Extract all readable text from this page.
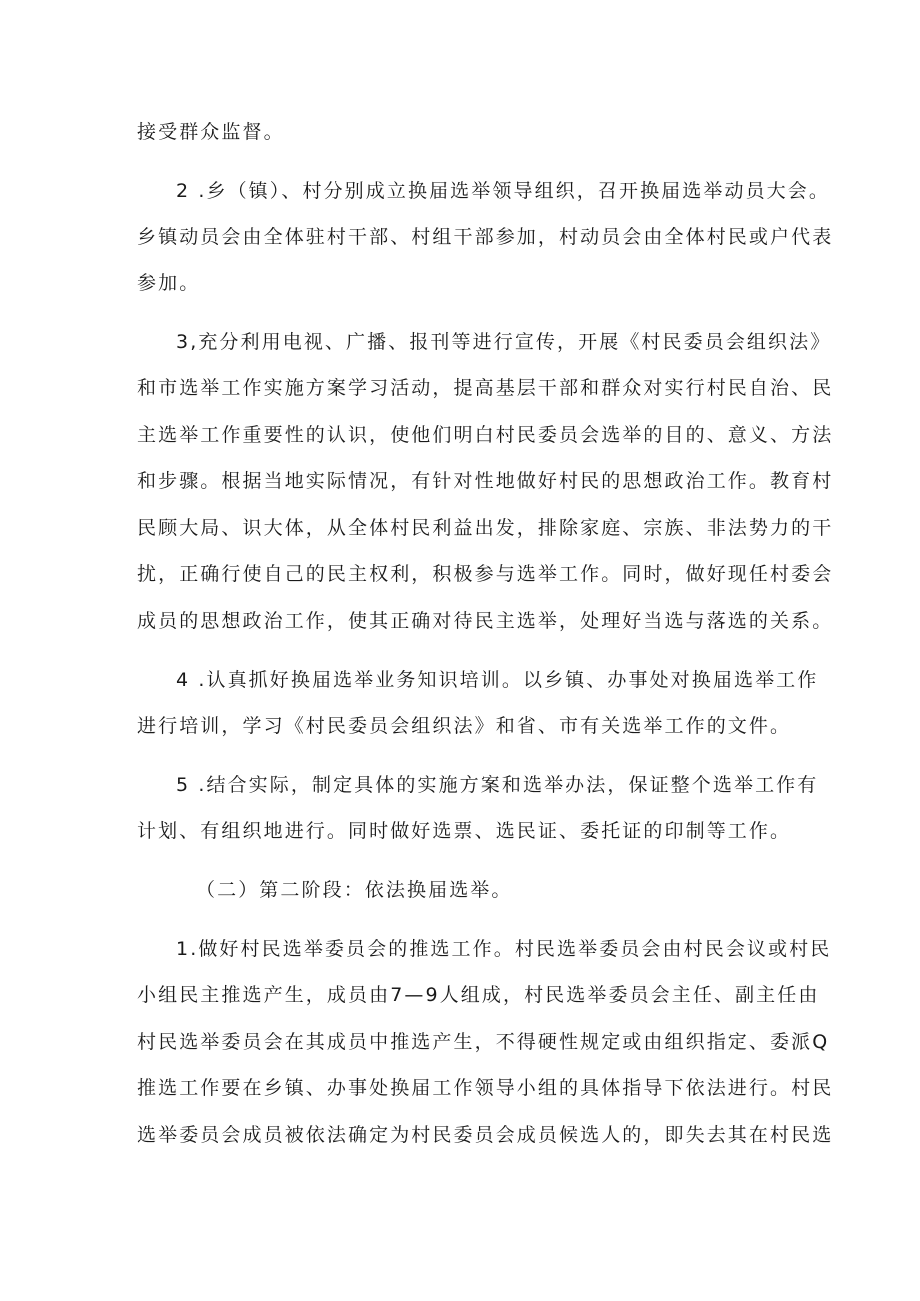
接受群众监督。
2 .乡（镇）、村分别成立换届选举领导组织，召开换届选举动员大会。
乡镇动员会由全体驻村干部、村组干部参加，村动员会由全体村民或户代表
参加。
3,充分利用电视、广播、报刊等进行宣传，开展《村民委员会组织法》
和市选举工作实施方案学习活动，提高基层干部和群众对实行村民自治、民
主选举工作重要性的认识，使他们明白村民委员会选举的目的、意义、方法
和步骤。根据当地实际情况，有针对性地做好村民的思想政治工作。教育村
民顾大局、识大体，从全体村民利益出发，排除家庭、宗族、非法势力的干
扰，正确行使自己的民主权利，积极参与选举工作。同时，做好现任村委会
成员的思想政治工作，使其正确对待民主选举，处理好当选与落选的关系。
4 .认真抓好换届选举业务知识培训。以乡镇、办事处对换届选举工作
进行培训，学习《村民委员会组织法》和省、市有关选举工作的文件。
5 .结合实际，制定具体的实施方案和选举办法，保证整个选举工作有
计划、有组织地进行。同时做好选票、选民证、委托证的印制等工作。
（二）第二阶段：依法换届选举。
1.做好村民选举委员会的推选工作。村民选举委员会由村民会议或村民
小组民主推选产生，成员由7—9人组成，村民选举委员会主任、副主任由
村民选举委员会在其成员中推选产生，不得硬性规定或由组织指定、委派Q
推选工作要在乡镇、办事处换届工作领导小组的具体指导下依法进行。村民
选举委员会成员被依法确定为村民委员会成员候选人的，即失去其在村民选
